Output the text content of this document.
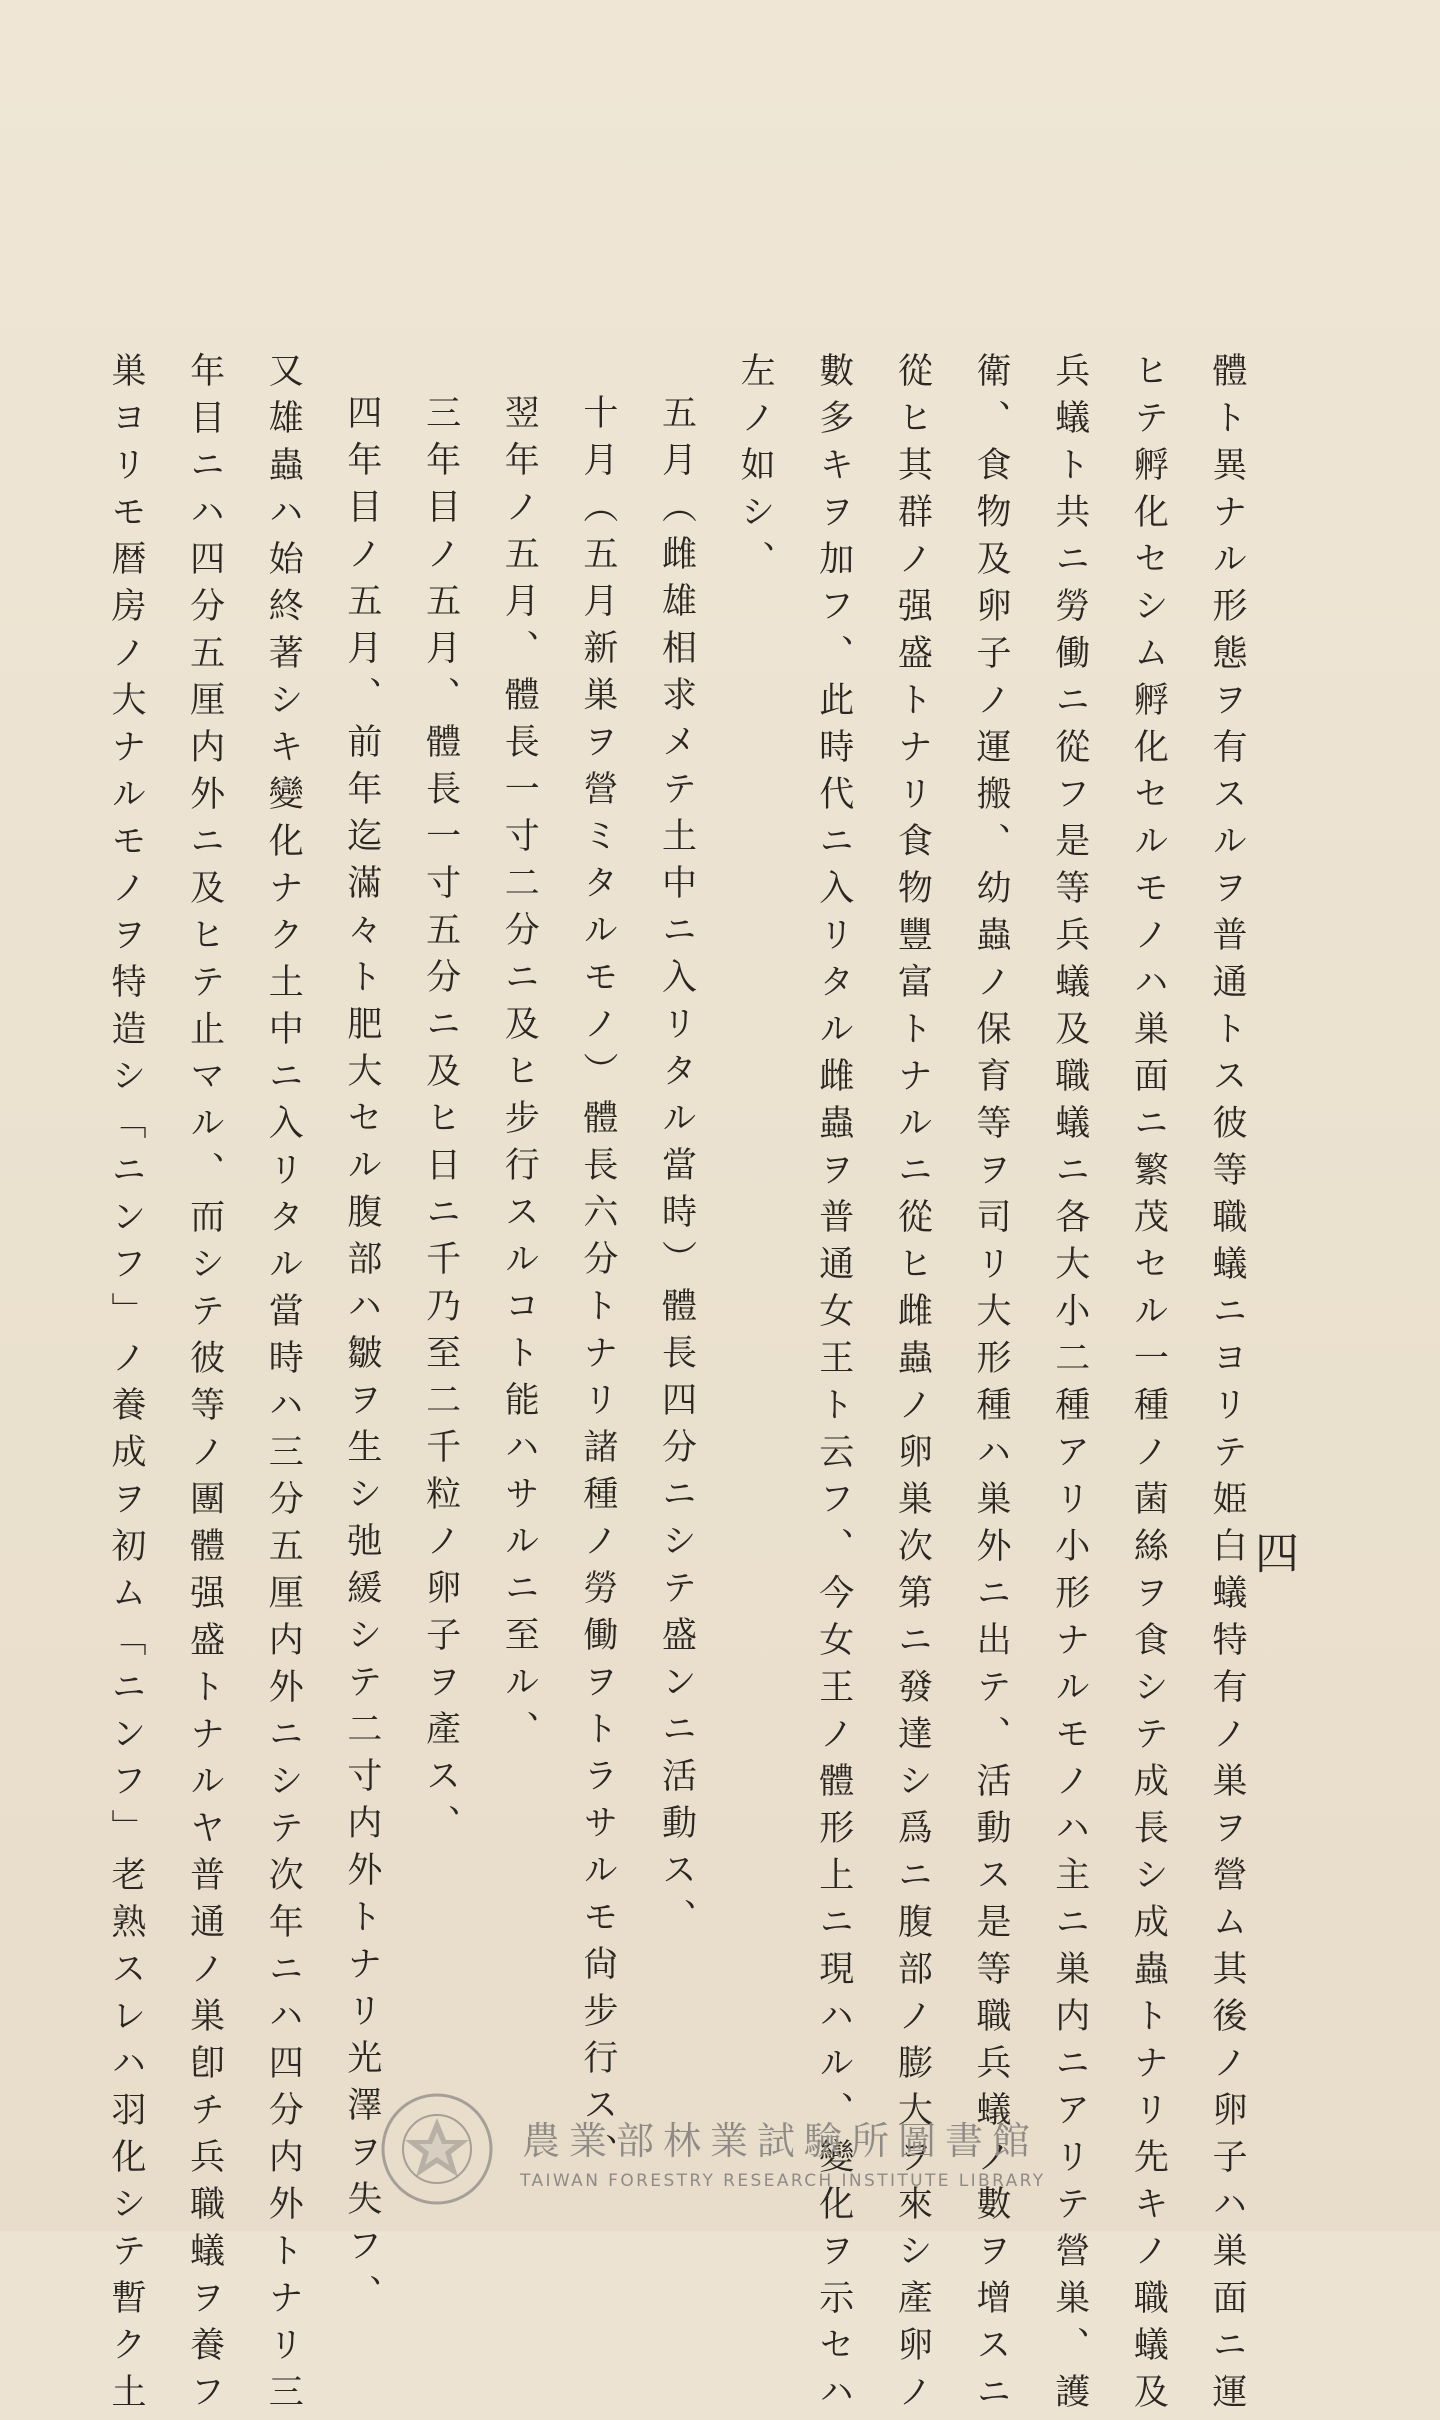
四
體ト異ナル形態ヲ有スルヲ普通トス彼等職蟻ニヨリテ姫白蟻特有ノ巣ヲ營ム其後ノ卵子ハ巣面ニ運
ヒテ孵化セシム孵化セルモノハ巣面ニ繁茂セル一種ノ菌絲ヲ食シテ成長シ成蟲トナリ先キノ職蟻及
兵蟻ト共ニ勞働ニ從フ是等兵蟻及職蟻ニ各大小二種アリ小形ナルモノハ主ニ巣内ニアリテ營巣、護
衛、食物及卵子ノ運搬、幼蟲ノ保育等ヲ司リ大形種ハ巣外ニ出テ、活動ス是等職兵蟻ノ數ヲ增スニ
從ヒ其群ノ强盛トナリ食物豐富トナルニ從ヒ雌蟲ノ卵巣次第ニ發達シ爲ニ腹部ノ膨大ヲ來シ產卵ノ
數多キヲ加フ、此時代ニ入リタル雌蟲ヲ普通女王ト云フ、今女王ノ體形上ニ現ハル、變化ヲ示セハ
左ノ如シ、
五月（雌雄相求メテ土中ニ入リタル當時）體長四分ニシテ盛ンニ活動ス、
十月（五月新巣ヲ營ミタルモノ）體長六分トナリ諸種ノ勞働ヲトラサルモ尙步行ス、
翌年ノ五月、體長一寸二分ニ及ヒ步行スルコト能ハサルニ至ル、
三年目ノ五月、體長一寸五分ニ及ヒ日ニ千乃至二千粒ノ卵子ヲ產ス、
四年目ノ五月、前年迄滿々ト肥大セル腹部ハ皺ヲ生シ弛緩シテ二寸内外トナリ光澤ヲ失フ、
又雄蟲ハ始終著シキ變化ナク土中ニ入リタル當時ハ三分五厘内外ニシテ次年ニハ四分内外トナリ三
年目ニハ四分五厘内外ニ及ヒテ止マル、而シテ彼等ノ團體强盛トナルヤ普通ノ巣卽チ兵職蟻ヲ養フ
巣ヨリモ暦房ノ大ナルモノヲ特造シ「ニンフ」ノ養成ヲ初ム「ニンフ」老熟スレハ羽化シテ暫ク土	農業部林業試驗所圖書館
TAIWAN FORESTRY RESEARCH INSTITUTE LIBRARY
